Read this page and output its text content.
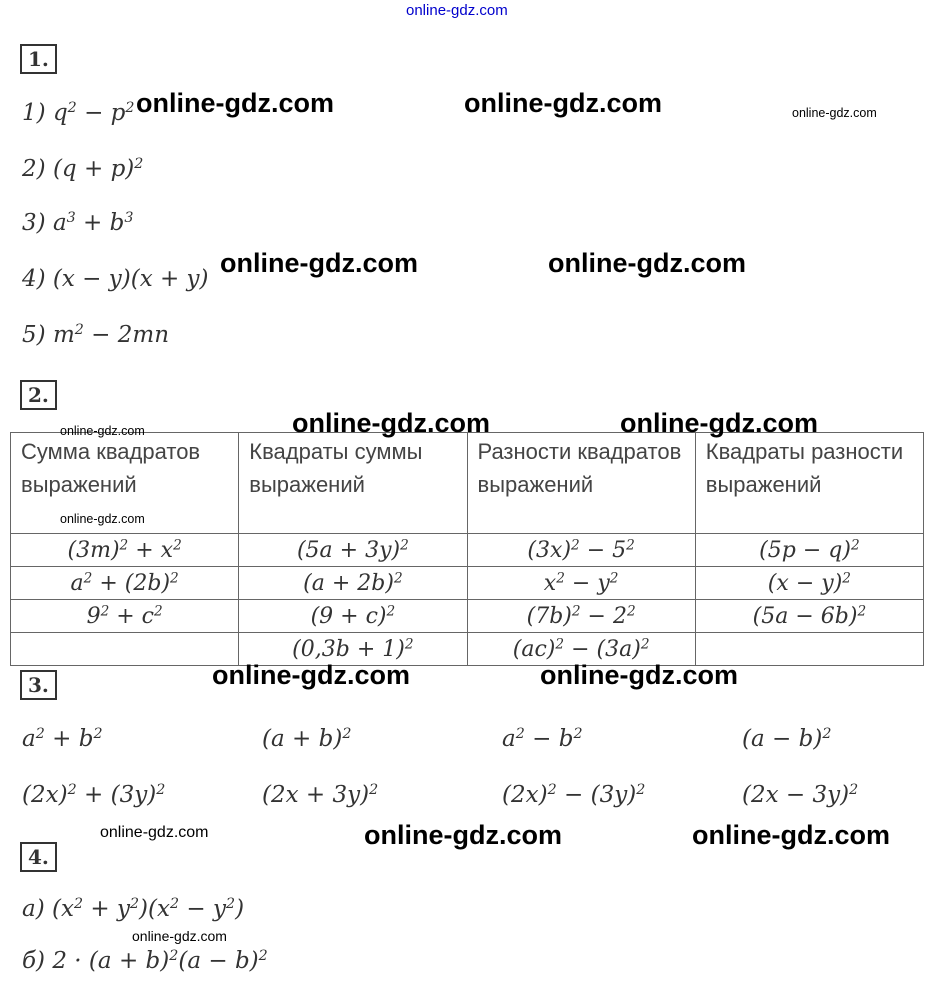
online-gdz.com
1.
1) $q^2 - p^2$
2) $(q + p)^2$
3) $a^3 + b^3$
4) (x − y)(x + y)
5) $m^2 - 2mn$
2.
Сумма квадратов выражений	Квадраты суммы выражений	Разности квадратов выражений	Квадраты разности выражений
$(3m)^2 + x^2$	$(5a + 3y)^2$	$(3x)^2 - 5^2$	$(5p - q)^2$
$a^2 + (2b)^2$	$(a + 2b)^2$	$x^2 - y^2$	$(x - y)^2$
$9^2 + c^2$	$(9 + c)^2$	$(7b)^2 - 2^2$	$(5a - 6b)^2$
	$(0,3b + 1)^2$	$(ac)^2 - (3a)^2$	
3.
$a^2 + b^2$	$(a + b)^2$	$a^2 - b^2$	$(a - b)^2$
$(2x)^2 + (3y)^2$	$(2x + 3y)^2$	$(2x)^2 - (3y)^2$	$(2x - 3y)^2$
4.
а) $(x^2 + y^2)(x^2 - y^2)$
б) $2 \cdot (a + b)^2(a - b)^2$
online-gdz.com	online-gdz.com	online-gdz.com
online-gdz.com	online-gdz.com
online-gdz.com	online-gdz.com	online-gdz.com
online-gdz.com
online-gdz.com	online-gdz.com
online-gdz.com	online-gdz.com	online-gdz.com
online-gdz.com
